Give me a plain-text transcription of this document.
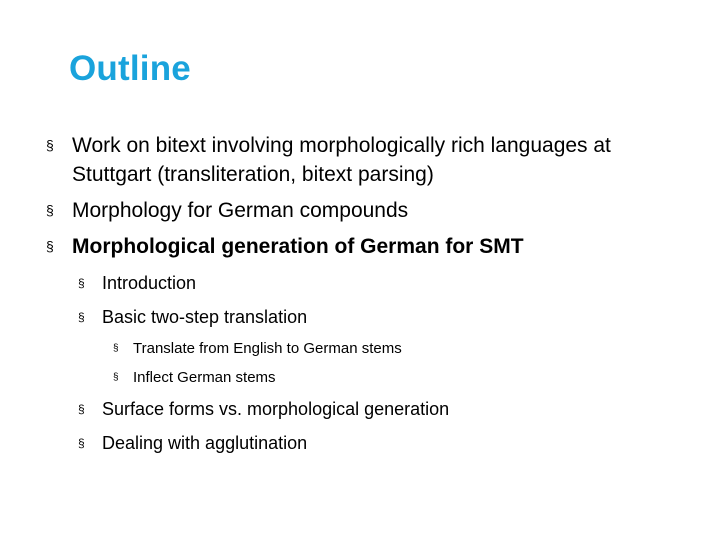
Outline
§ Work on bitext involving morphologically rich languages at Stuttgart (transliteration, bitext parsing)
§ Morphology for German compounds
§ Morphological generation of German for SMT
§ Introduction
§ Basic two-step translation
§ Translate from English to German stems
§ Inflect German stems
§ Surface forms vs. morphological generation
§ Dealing with agglutination
